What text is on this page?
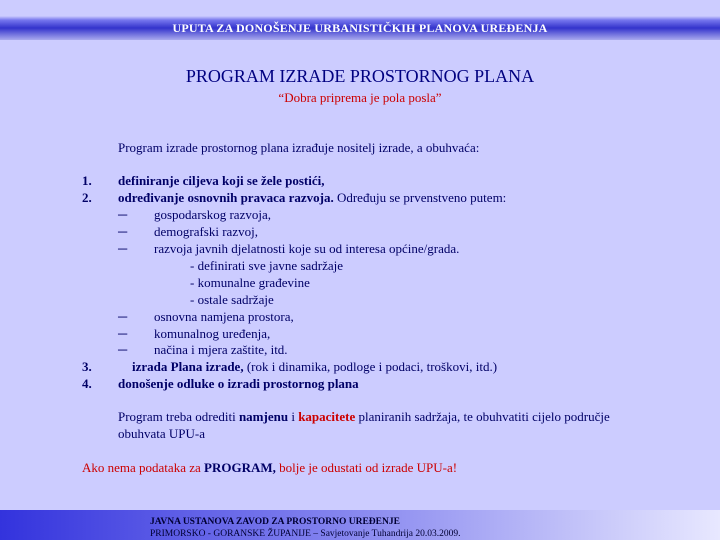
UPUTA ZA DONOŠENJE URBANISTIČKIH PLANOVA UREĐENJA
PROGRAM IZRADE PROSTORNOG PLANA
“Dobra priprema je pola posla”
Program izrade prostornog plana izrađuje nositelj izrade, a obuhvaća:
1. definiranje ciljeva koji se žele postići,
2. određivanje osnovnih pravaca razvoja. Određuju se prvenstveno putem:
─ gospodarskog razvoja,
─ demografski razvoj,
─ razvoja javnih djelatnosti koje su od interesa općine/grada.
- definirati sve javne sadržaje
- komunalne građevine
- ostale sadržaje
─ osnovna namjena prostora,
─ komunalnog uređenja,
─ načina i mjera zaštite, itd.
3.	izrada Plana izrade, (rok i dinamika, podloge i podaci, troškovi, itd.)
4. donošenje odluke o izradi prostornog plana
Program treba odrediti namjenu i kapacitete planiranih sadržaja, te obuhvatiti cijelo područje obuhvata UPU-a
Ako nema podataka za PROGRAM, bolje je odustati od izrade UPU-a!
JAVNA USTANOVA ZAVOD ZA PROSTORNO UREĐENJE
PRIMORSKO - GORANSKE ŽUPANIJE – Savjetovanje Tuhandrija 20.03.2009.
